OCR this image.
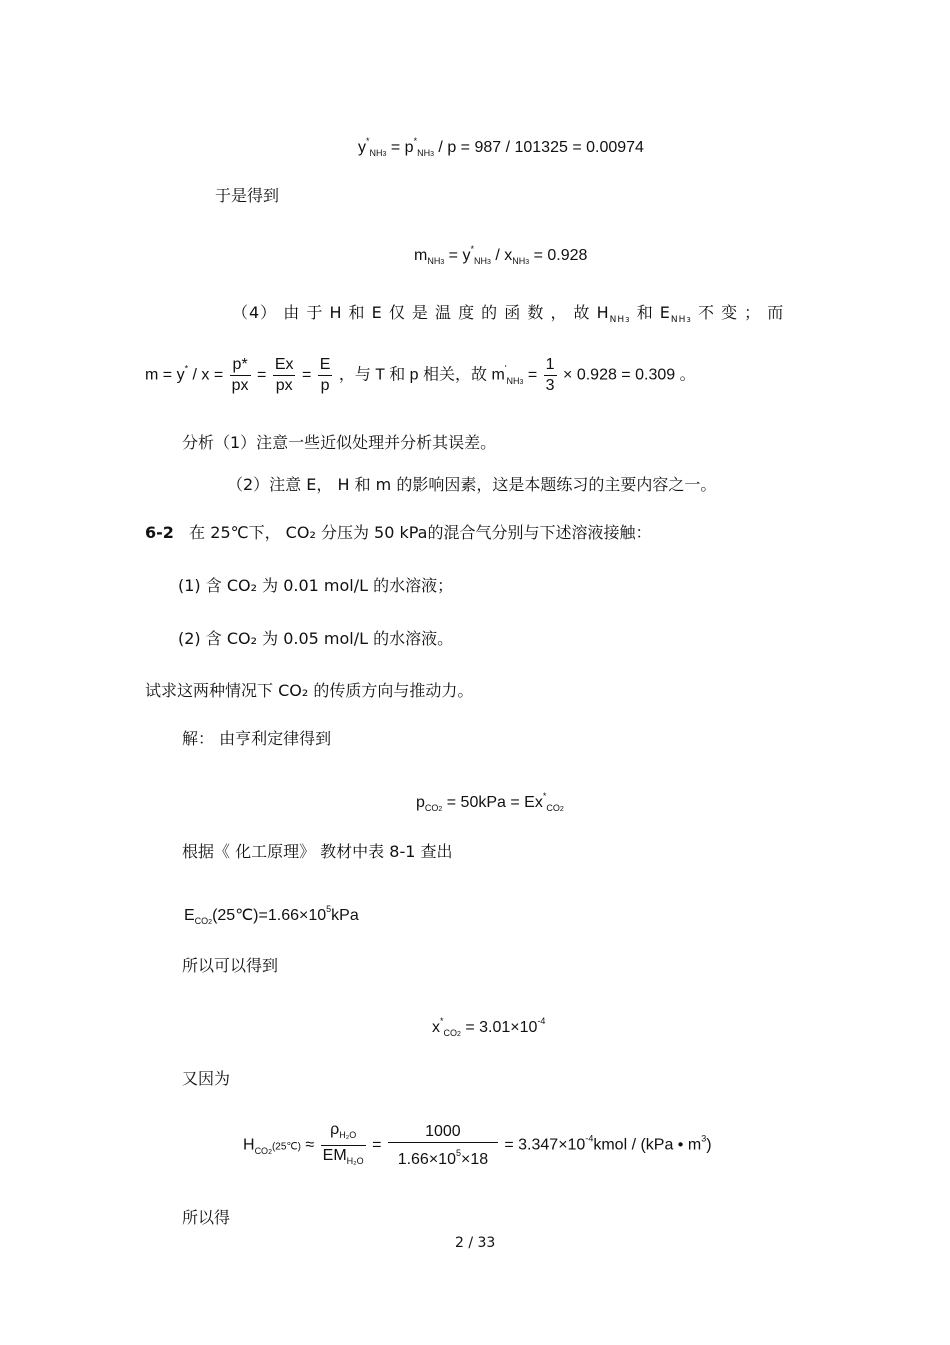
$y^*_{NH3} = p^*_{NH3} / p = 987 / 101325 = 0.00974$
于是得到
$m_{NH3} = y^*_{NH3} / x_{NH3} = 0.928$
（4） 由 于 H 和 E 仅 是 温 度 的 函 数 ， 故 $H_{NH3}$ 和 $E_{NH3}$ 不 变 ； 而
$m = y^* / x = \frac{p*}{px} = \frac{Ex}{px} = \frac{E}{p}$ ，与 T 和 p 相关，故 $m'_{NH3} = \frac{1}{3} \times 0.928 = 0.309$ 。
分析（1）注意一些近似处理并分析其误差。
（2）注意 E， H 和 m 的影响因素，这是本题练习的主要内容之一。
6-2 在 25℃下， CO₂ 分压为 50 kPa的混合气分别与下述溶液接触：
(1) 含 CO₂ 为 0.01 mol/L 的水溶液；
(2) 含 CO₂ 为 0.05 mol/L 的水溶液。
试求这两种情况下 CO₂ 的传质方向与推动力。
解： 由亨利定律得到
$p_{CO2} = 50kPa = Ex^*_{CO2}$
根据《 化工原理》 教材中表 8-1 查出
$E_{CO2}(25℃)=1.66\times 10^5kPa$
所以可以得到
$x^*_{CO2} = 3.01\times 10^{-4}$
又因为
$H_{CO2}(25℃) \approx \frac{\rho_{H_2O}}{EM_{H_2O}} = \frac{1000}{1.66\times 10^5\times 18}$ = $3.347\times 10^{-4}kmol / (kPa$ • $m^3$)
所以得
2 / 33
